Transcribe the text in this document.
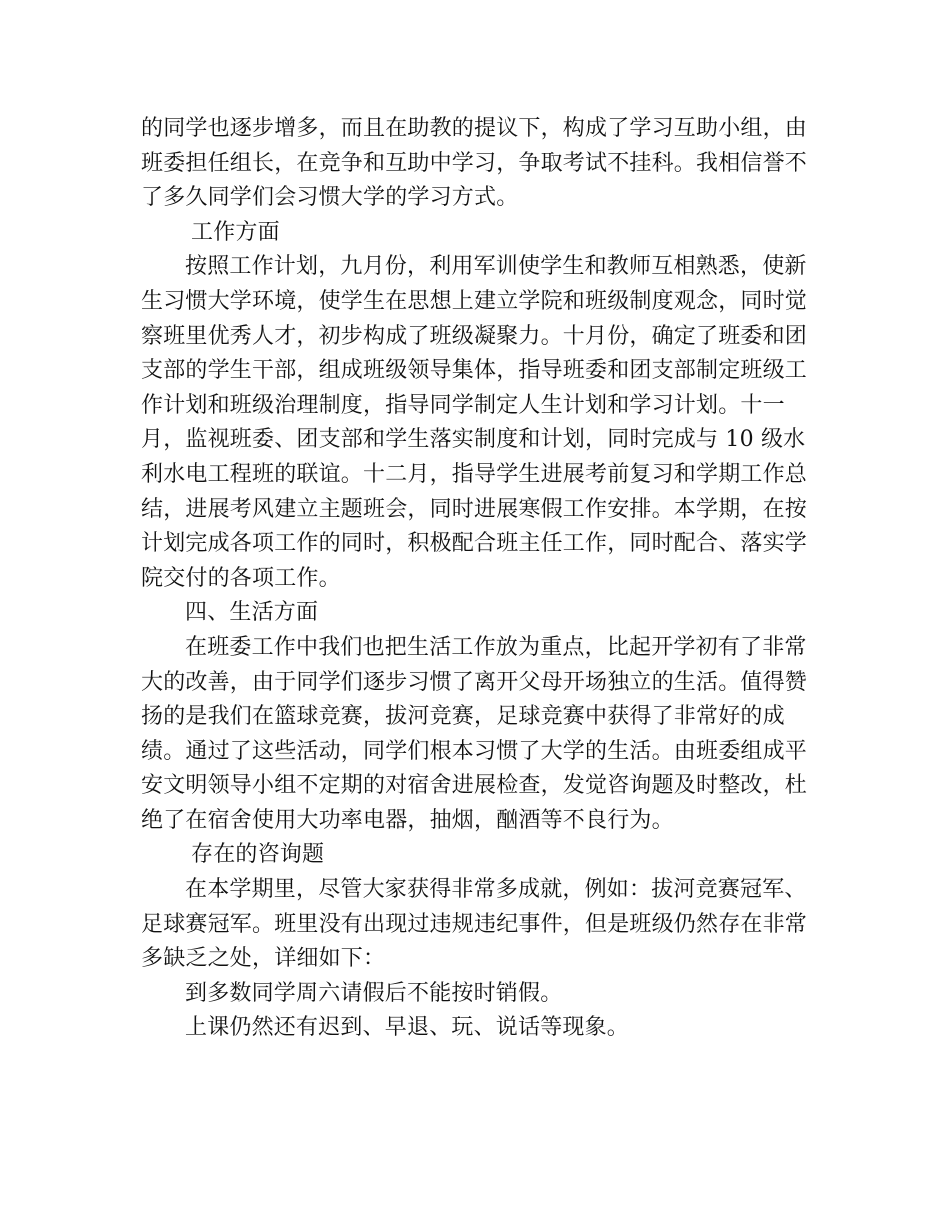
的同学也逐步增多，而且在助教的提议下，构成了学习互助小组，由班委担任组长，在竞争和互助中学习，争取考试不挂科。我相信誉不了多久同学们会习惯大学的学习方式。

工作方面

按照工作计划，九月份，利用军训使学生和教师互相熟悉，使新生习惯大学环境，使学生在思想上建立学院和班级制度观念，同时觉察班里优秀人才，初步构成了班级凝聚力。十月份，确定了班委和团支部的学生干部，组成班级领导集体，指导班委和团支部制定班级工作计划和班级治理制度，指导同学制定人生计划和学习计划。十一月，监视班委、团支部和学生落实制度和计划，同时完成与 10 级水利水电工程班的联谊。十二月，指导学生进展考前复习和学期工作总结，进展考风建立主题班会，同时进展寒假工作安排。本学期，在按计划完成各项工作的同时，积极配合班主任工作，同时配合、落实学院交付的各项工作。

四、生活方面

在班委工作中我们也把生活工作放为重点，比起开学初有了非常大的改善，由于同学们逐步习惯了离开父母开场独立的生活。值得赞扬的是我们在篮球竞赛，拔河竞赛，足球竞赛中获得了非常好的成绩。通过了这些活动，同学们根本习惯了大学的生活。由班委组成平安文明领导小组不定期的对宿舍进展检查，发觉咨询题及时整改，杜绝了在宿舍使用大功率电器，抽烟，酗酒等不良行为。

存在的咨询题

在本学期里，尽管大家获得非常多成就，例如：拔河竞赛冠军、足球赛冠军。班里没有出现过违规违纪事件，但是班级仍然存在非常多缺乏之处，详细如下：

到多数同学周六请假后不能按时销假。

上课仍然还有迟到、早退、玩、说话等现象。
